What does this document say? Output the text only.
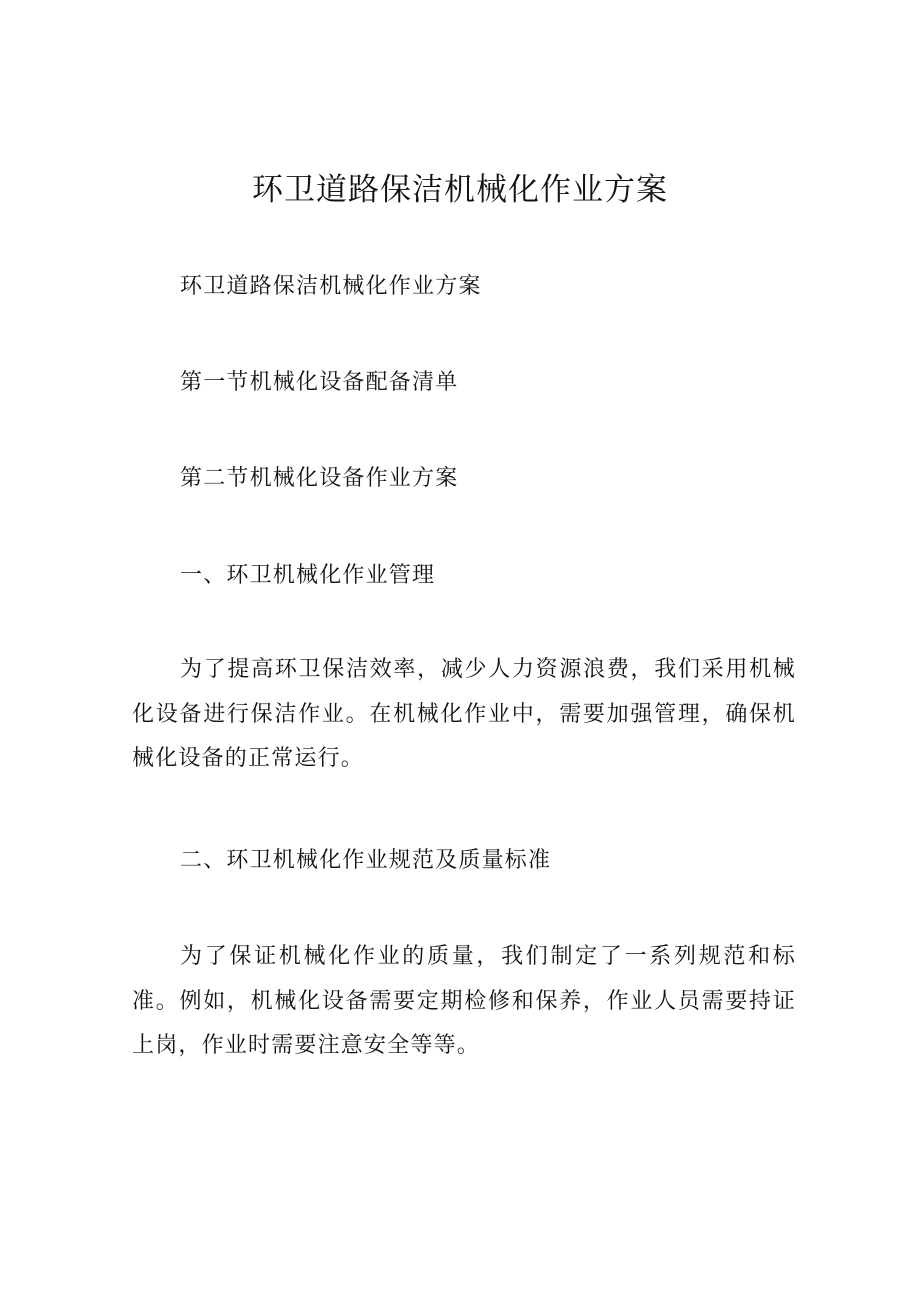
环卫道路保洁机械化作业方案

环卫道路保洁机械化作业方案

第一节机械化设备配备清单

第二节机械化设备作业方案

一、环卫机械化作业管理

为了提高环卫保洁效率，减少人力资源浪费，我们采用机械化设备进行保洁作业。在机械化作业中，需要加强管理，确保机械化设备的正常运行。

二、环卫机械化作业规范及质量标准

为了保证机械化作业的质量，我们制定了一系列规范和标准。例如，机械化设备需要定期检修和保养，作业人员需要持证上岗，作业时需要注意安全等等。
